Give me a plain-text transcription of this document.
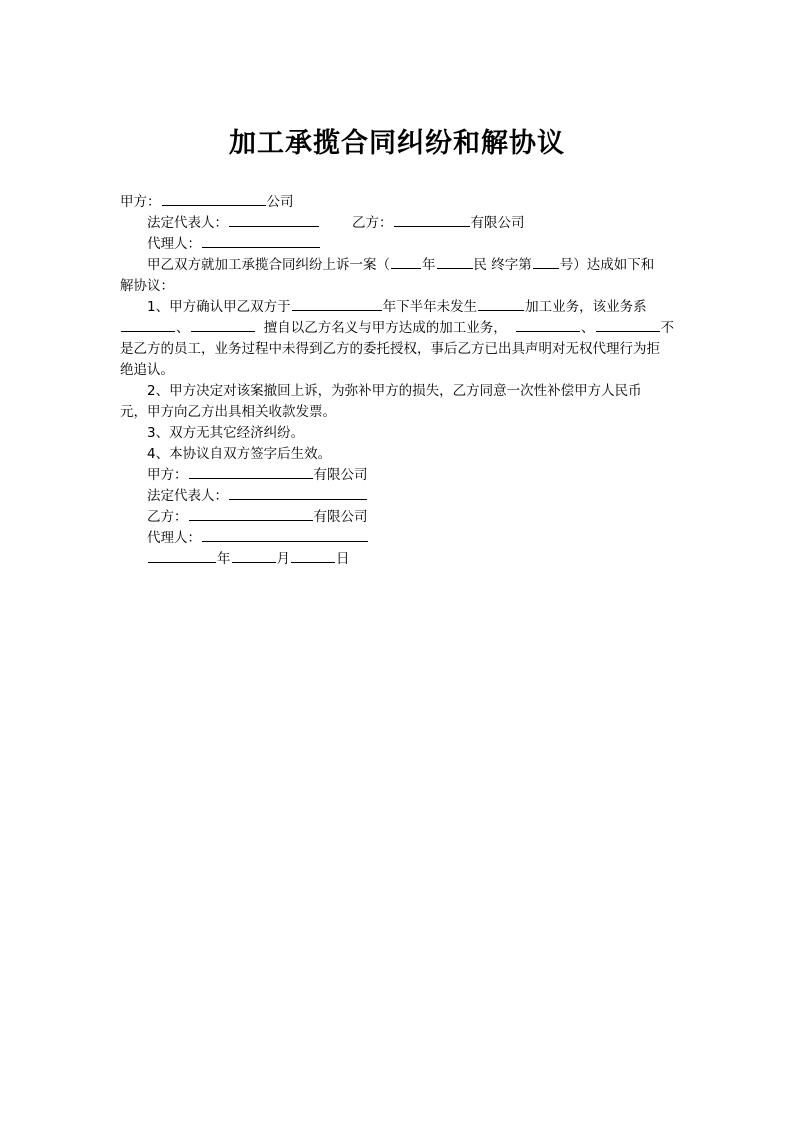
加工承揽合同纠纷和解协议
甲方：	公司
法定代表人：	乙方：	有限公司
代理人：
甲乙双方就加工承揽合同纠纷上诉一案（ 年	民 终字第 号）达成如下和
解协议：
1、甲方确认甲乙双方于	年下半年未发生	加工业务，该业务系
、	擅自以乙方名义与甲方达成的加工业务，	、	不
是乙方的员工，业务过程中未得到乙方的委托授权，事后乙方已出具声明对无权代理行为拒
绝追认。
2、甲方决定对该案撤回上诉，为弥补甲方的损失，乙方同意一次性补偿甲方人民币
元，甲方向乙方出具相关收款发票。
3、双方无其它经济纠纷。
4、本协议自双方签字后生效。
甲方：	有限公司
法定代表人：
乙方：	有限公司
代理人：
年	月	日
